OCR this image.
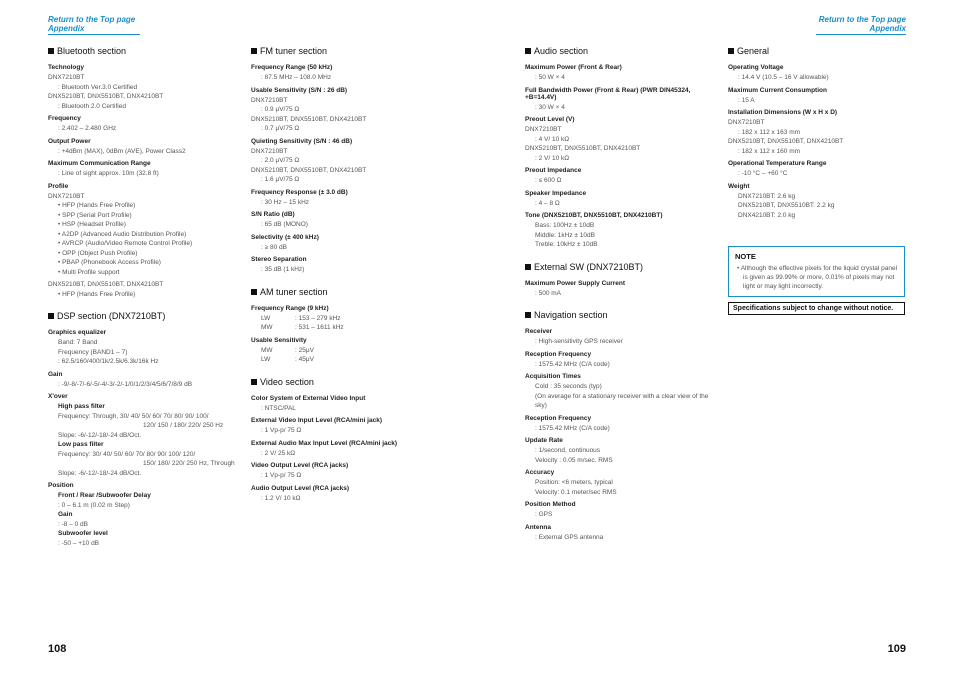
Return to the Top page
Appendix
Return to the Top page
Appendix
Bluetooth section
Technology
DNX7210BT
: Bluetooth Ver.3.0 Certified
DNX5210BT, DNX5510BT, DNX4210BT
: Bluetooth 2.0 Certified
Frequency
: 2.402 – 2.480 GHz
Output Power
: +4dBm (MAX), 0dBm (AVE), Power Class2
Maximum Communication Range
: Line of sight approx. 10m (32.8 ft)
Profile
DNX7210BT
• HFP (Hands Free Profile)
• SPP (Serial Port Profile)
• HSP (Headset Profile)
• A2DP (Advanced Audio Distribution Profile)
• AVRCP (Audio/Video Remote Control Profile)
• OPP (Object Push Profile)
• PBAP (Phonebook Access Profile)
• Multi Profile support
DNX5210BT, DNX5510BT, DNX4210BT
• HFP (Hands Free Profile)
DSP section (DNX7210BT)
Graphics equalizer
Band: 7 Band
Frequency (BAND1 – 7)
: 62.5/160/400/1k/2.5k/6.3k/16k Hz
Gain
: -9/-8/-7/-6/-5/-4/-3/-2/-1/0/1/2/3/4/5/6/7/8/9 dB
X'over
High pass filter
Frequency: Through, 30/ 40/ 50/ 60/ 70/ 80/ 90/ 100/
120/ 150 / 180/ 220/ 250 Hz
Slope: -6/-12/-18/-24 dB/Oct.
Low pass filter
Frequency: 30/ 40/ 50/ 60/ 70/ 80/ 90/ 100/ 120/
150/ 180/ 220/ 250 Hz, Through
Slope: -6/-12/-18/-24 dB/Oct.
Position
Front / Rear /Subwoofer Delay
: 0 – 6.1 m (0.02 m Step)
Gain
: -8 – 0 dB
Subwoofer level
: -50 – +10 dB
FM tuner section
Frequency Range (50 kHz)
: 87.5 MHz – 108.0 MHz
Usable Sensitivity (S/N : 26 dB)
DNX7210BT
: 0.9 μV/75 Ω
DNX5210BT, DNX5510BT, DNX4210BT
: 0.7 μV/75 Ω
Quieting Sensitivity (S/N : 46 dB)
DNX7210BT
: 2.0 μV/75 Ω
DNX5210BT, DNX5510BT, DNX4210BT
: 1.6 μV/75 Ω
Frequency Response (± 3.0 dB)
: 30 Hz – 15 kHz
S/N Ratio (dB)
: 65 dB (MONO)
Selectivity (± 400 kHz)
: ≥ 80 dB
Stereo Separation
: 35 dB (1 kHz)
AM tuner section
Frequency Range (9 kHz)
LW	: 153 – 279 kHz
MW	: 531 – 1611 kHz
Usable Sensitivity
MW	: 25μV
LW	: 45μV
Video section
Color System of External Video Input
: NTSC/PAL
External Video Input Level (RCA/mini jack)
: 1 Vp-p/ 75 Ω
External Audio Max Input Level (RCA/mini jack)
: 2 V/ 25 kΩ
Video Output Level (RCA jacks)
: 1 Vp-p/ 75 Ω
Audio Output Level (RCA jacks)
: 1.2 V/ 10 kΩ
Audio section
Maximum Power (Front & Rear)
: 50 W × 4
Full Bandwidth Power (Front & Rear) (PWR DIN45324, +B=14.4V)
: 30 W × 4
Preout Level (V)
DNX7210BT
: 4 V/ 10 kΩ
DNX5210BT, DNX5510BT, DNX4210BT
: 2 V/ 10 kΩ
Preout Impedance
: ≤ 600 Ω
Speaker Impedance
: 4 – 8 Ω
Tone (DNX5210BT, DNX5510BT, DNX4210BT)
Bass: 100Hz ± 10dB
Middle: 1kHz ± 10dB
Treble: 10kHz ± 10dB
External SW (DNX7210BT)
Maximum Power Supply Current
: 500 mA
Navigation section
Receiver
: High-sensitivity GPS receiver
Reception Frequency
: 1575.42 MHz (C/A code)
Acquisition Times
Cold : 35 seconds (typ)
(On average for a stationary receiver with a clear view of the sky)
Reception Frequency
: 1575.42 MHz (C/A code)
Update Rate
: 1/second, continuous
Velocity : 0.05 m/sec. RMS
Accuracy
Position: <6 meters, typical
Velocity: 0.1 meter/sec RMS
Position Method
: GPS
Antenna
: External GPS antenna
General
Operating Voltage
: 14.4 V (10.5 – 16 V allowable)
Maximum Current Consumption
: 15 A
Installation Dimensions (W x H x D)
DNX7210BT
: 182 x 112 x 163 mm
DNX5210BT, DNX5510BT, DNX4210BT
: 182 x 112 x 160 mm
Operational Temperature Range
: -10 °C – +60 °C
Weight
DNX7210BT: 2.6 kg
DNX5210BT, DNX5510BT: 2.2 kg
DNX4210BT: 2.0 kg
NOTE
• Although the effective pixels for the liquid crystal panel is given as 99.99% or more, 0.01% of pixels may not light or may light incorrectly.
Specifications subject to change without notice.
108	109
